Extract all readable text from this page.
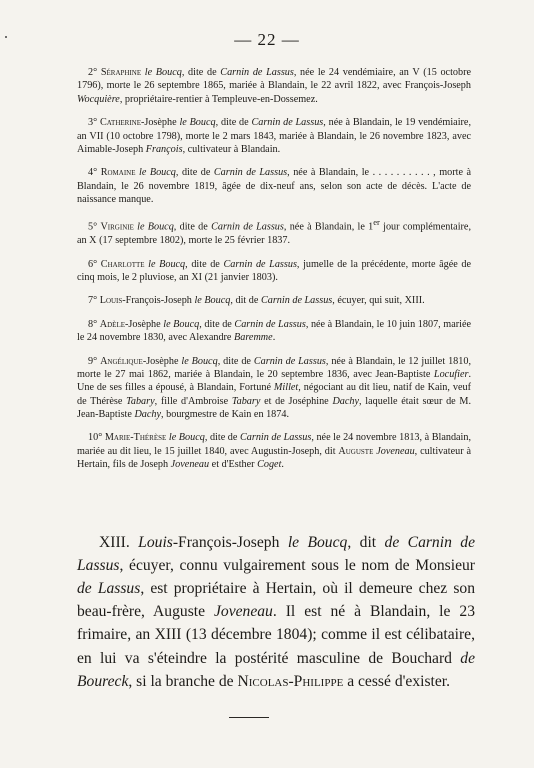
— 22 —

2° Séraphine le Boucq, dite de Carnin de Lassus, née le 24 vendémiaire, an V (15 octobre 1796), morte le 26 septembre 1865, mariée à Blandain, le 22 avril 1822, avec François-Joseph Wocquière, propriétaire-rentier à Templeuve-en-Dossemez.

3° Catherine-Josèphe le Boucq, dite de Carnin de Lassus, née à Blandain, le 19 vendémiaire, an VII (10 octobre 1798), morte le 2 mars 1843, mariée à Blandain, le 26 novembre 1823, avec Aimable-Joseph François, cultivateur à Blandain.

4° Romaine le Boucq, dite de Carnin de Lassus, née à Blandain, le . . . . . . . . . . , morte à Blandain, le 26 novembre 1819, âgée de dix-neuf ans, selon son acte de décès. L'acte de naissance manque.

5° Virginie le Boucq, dite de Carnin de Lassus, née à Blandain, le 1er jour complémentaire, an X (17 septembre 1802), morte le 25 février 1837.

6° Charlotte le Boucq, dite de Carnin de Lassus, jumelle de la précédente, morte âgée de cinq mois, le 2 pluviose, an XI (21 janvier 1803).

7° Louis-François-Joseph le Boucq, dit de Carnin de Lassus, écuyer, qui suit, XIII.

8° Adèle-Josèphe le Boucq, dite de Carnin de Lassus, née à Blandain, le 10 juin 1807, mariée le 24 novembre 1830, avec Alexandre Baremme.

9° Angélique-Josèphe le Boucq, dite de Carnin de Lassus, née à Blandain, le 12 juillet 1810, morte le 27 mai 1862, mariée à Blandain, le 20 septembre 1836, avec Jean-Baptiste Locufier. Une de ses filles a épousé, à Blandain, Fortuné Millet, négociant au dit lieu, natif de Kain, veuf de Thérèse Tabary, fille d'Ambroise Tabary et de Joséphine Dachy, laquelle était sœur de M. Jean-Baptiste Dachy, bourgmestre de Kain en 1874.

10° Marie-Thérèse le Boucq, dite de Carnin de Lassus, née le 24 novembre 1813, à Blandain, mariée au dit lieu, le 15 juillet 1840, avec Augustin-Joseph, dit Auguste Joveneau, cultivateur à Hertain, fils de Joseph Joveneau et d'Esther Coget.

XIII. Louis-François-Joseph le Boucq, dit de Carnin de Lassus, écuyer, connu vulgairement sous le nom de Monsieur de Lassus, est propriétaire à Hertain, où il demeure chez son beau-frère, Auguste Joveneau. Il est né à Blandain, le 23 frimaire, an XIII (13 décembre 1804); comme il est célibataire, en lui va s'éteindre la postérité masculine de Bouchard de Boureck, si la branche de Nicolas-Philippe a cessé d'exister.
